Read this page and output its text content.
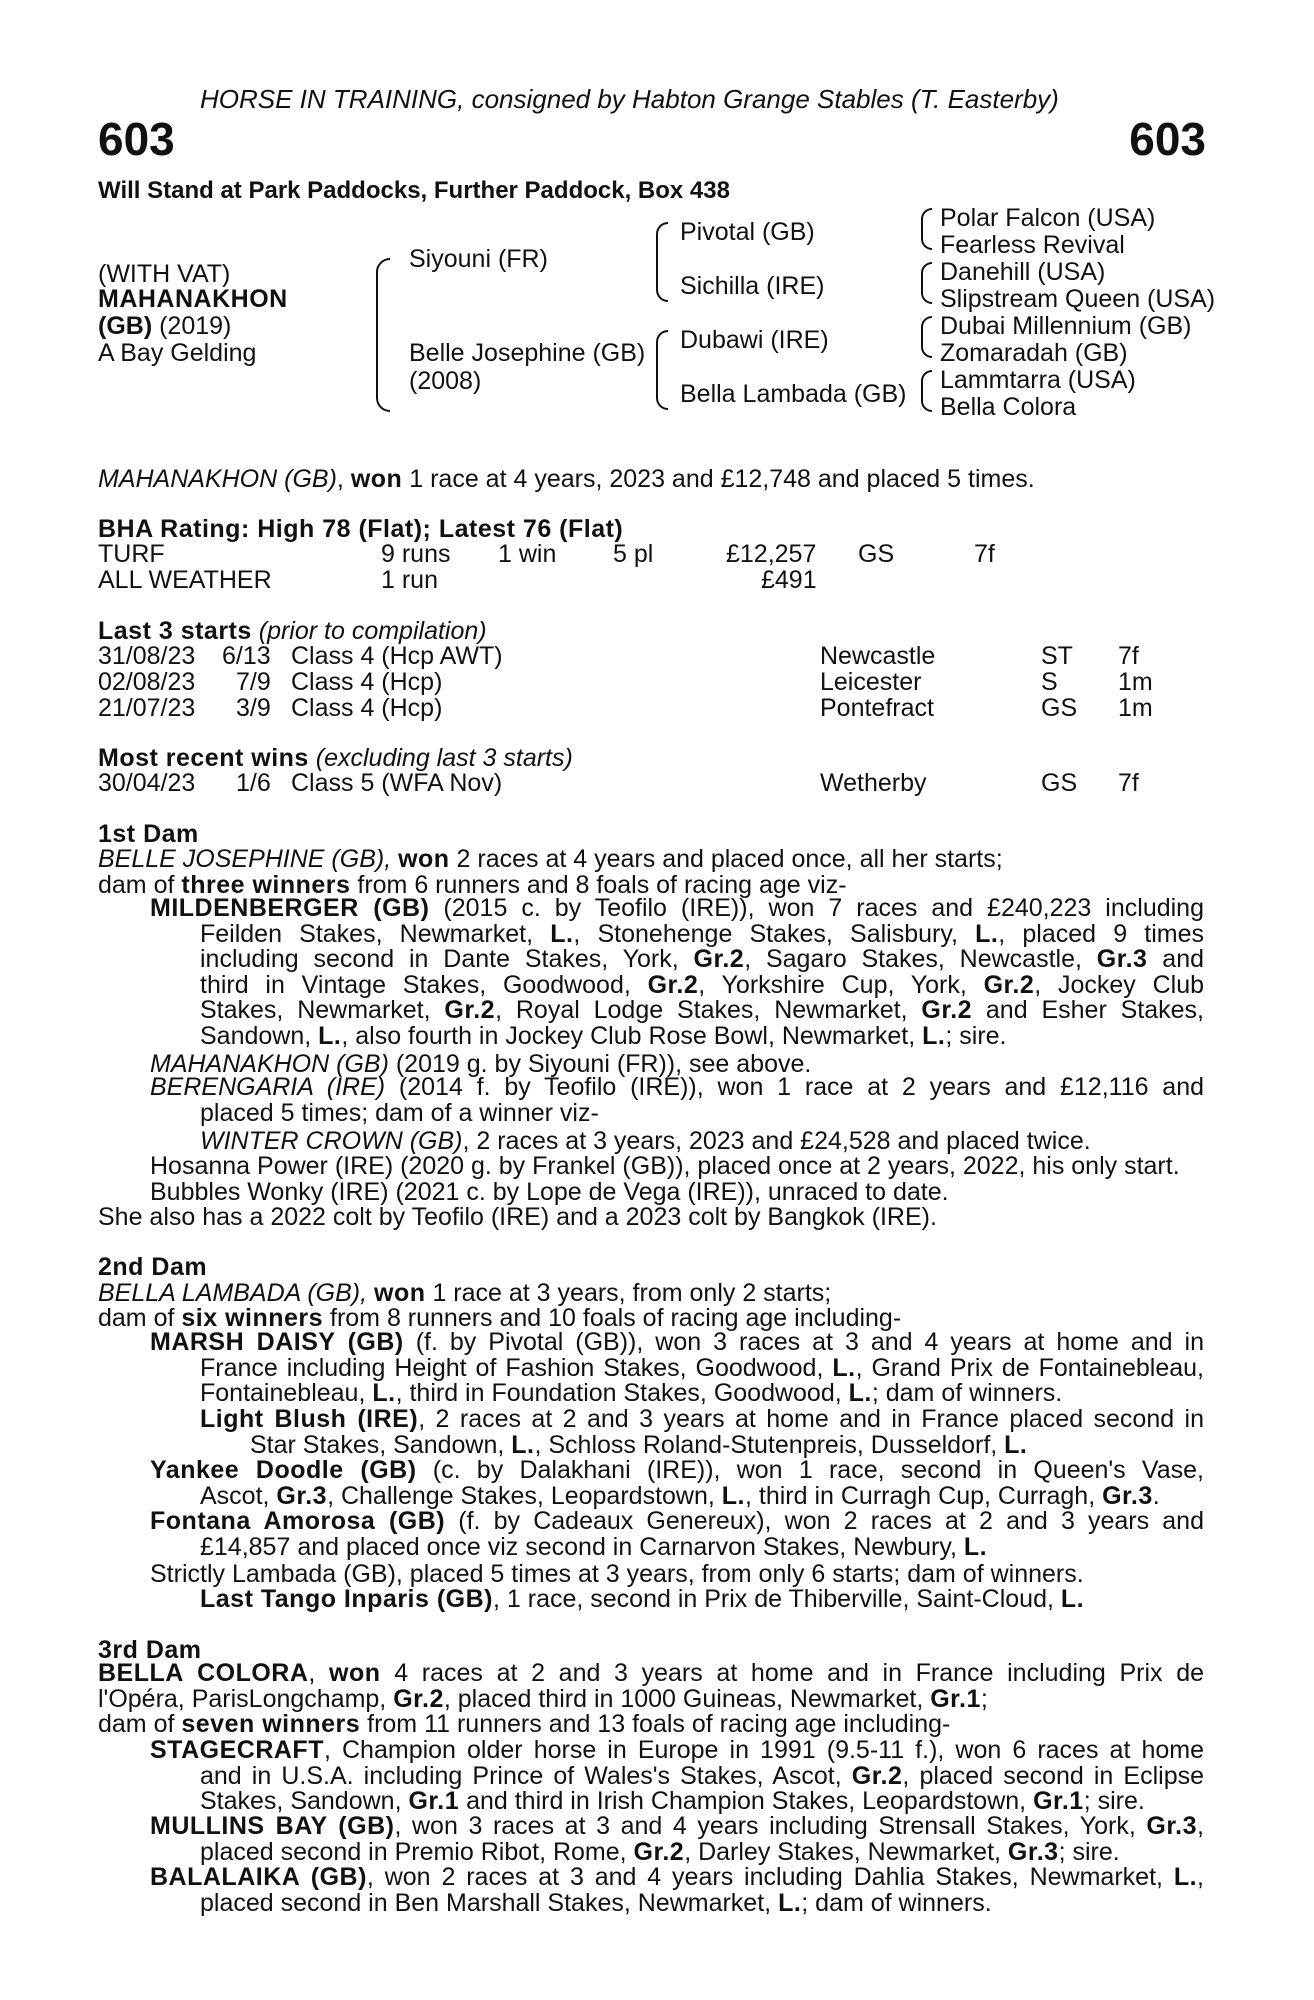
HORSE IN TRAINING, consigned by Habton Grange Stables (T. Easterby)
603	603
Will Stand at Park Paddocks, Further Paddock, Box 438
(WITH VAT)
MAHANAKHON
(GB) (2019)
A Bay Gelding
Siyouni (FR)
Belle Josephine (GB)
(2008)
Pivotal (GB)
Sichilla (IRE)
Dubawi (IRE)
Bella Lambada (GB)
Polar Falcon (USA)
Fearless Revival
Danehill (USA)
Slipstream Queen (USA)
Dubai Millennium (GB)
Zomaradah (GB)
Lammtarra (USA)
Bella Colora
MAHANAKHON (GB), won 1 race at 4 years, 2023 and £12,748 and placed 5 times.
BHA Rating: High 78 (Flat); Latest 76 (Flat)
TURF	9 runs 1 win 5 pl	£12,257 GS	7f
ALL WEATHER	1 run	£491
Last 3 starts (prior to compilation)
31/08/23 6/13 Class 4 (Hcp AWT)	Newcastle	ST 7f
02/08/23 7/9 Class 4 (Hcp)	Leicester	S 1m
21/07/23 3/9 Class 4 (Hcp)	Pontefract	GS 1m
Most recent wins (excluding last 3 starts)
30/04/23 1/6 Class 5 (WFA Nov)	Wetherby	GS 7f
1st Dam
BELLE JOSEPHINE (GB), won 2 races at 4 years and placed once, all her starts;
dam of three winners from 6 runners and 8 foals of racing age viz-
MILDENBERGER (GB) (2015 c. by Teofilo (IRE)), won 7 races and £240,223 including
Feilden Stakes, Newmarket, L., Stonehenge Stakes, Salisbury, L., placed 9 times
including second in Dante Stakes, York, Gr.2, Sagaro Stakes, Newcastle, Gr.3 and
third in Vintage Stakes, Goodwood, Gr.2, Yorkshire Cup, York, Gr.2, Jockey Club
Stakes, Newmarket, Gr.2, Royal Lodge Stakes, Newmarket, Gr.2 and Esher Stakes,
Sandown, L., also fourth in Jockey Club Rose Bowl, Newmarket, L.; sire.
MAHANAKHON (GB) (2019 g. by Siyouni (FR)), see above.
BERENGARIA (IRE) (2014 f. by Teofilo (IRE)), won 1 race at 2 years and £12,116 and
placed 5 times; dam of a winner viz-
WINTER CROWN (GB), 2 races at 3 years, 2023 and £24,528 and placed twice.
Hosanna Power (IRE) (2020 g. by Frankel (GB)), placed once at 2 years, 2022, his only start.
Bubbles Wonky (IRE) (2021 c. by Lope de Vega (IRE)), unraced to date.
She also has a 2022 colt by Teofilo (IRE) and a 2023 colt by Bangkok (IRE).
2nd Dam
BELLA LAMBADA (GB), won 1 race at 3 years, from only 2 starts;
dam of six winners from 8 runners and 10 foals of racing age including-
MARSH DAISY (GB) (f. by Pivotal (GB)), won 3 races at 3 and 4 years at home and in
France including Height of Fashion Stakes, Goodwood, L., Grand Prix de Fontainebleau,
Fontainebleau, L., third in Foundation Stakes, Goodwood, L.; dam of winners.
Light Blush (IRE), 2 races at 2 and 3 years at home and in France placed second in
Star Stakes, Sandown, L., Schloss Roland-Stutenpreis, Dusseldorf, L.
Yankee Doodle (GB) (c. by Dalakhani (IRE)), won 1 race, second in Queen's Vase,
Ascot, Gr.3, Challenge Stakes, Leopardstown, L., third in Curragh Cup, Curragh, Gr.3.
Fontana Amorosa (GB) (f. by Cadeaux Genereux), won 2 races at 2 and 3 years and
£14,857 and placed once viz second in Carnarvon Stakes, Newbury, L.
Strictly Lambada (GB), placed 5 times at 3 years, from only 6 starts; dam of winners.
Last Tango Inparis (GB), 1 race, second in Prix de Thiberville, Saint-Cloud, L.
3rd Dam
BELLA COLORA, won 4 races at 2 and 3 years at home and in France including Prix de
l'Opéra, ParisLongchamp, Gr.2, placed third in 1000 Guineas, Newmarket, Gr.1;
dam of seven winners from 11 runners and 13 foals of racing age including-
STAGECRAFT, Champion older horse in Europe in 1991 (9.5-11 f.), won 6 races at home
and in U.S.A. including Prince of Wales's Stakes, Ascot, Gr.2, placed second in Eclipse
Stakes, Sandown, Gr.1 and third in Irish Champion Stakes, Leopardstown, Gr.1; sire.
MULLINS BAY (GB), won 3 races at 3 and 4 years including Strensall Stakes, York, Gr.3,
placed second in Premio Ribot, Rome, Gr.2, Darley Stakes, Newmarket, Gr.3; sire.
BALALAIKA (GB), won 2 races at 3 and 4 years including Dahlia Stakes, Newmarket, L.,
placed second in Ben Marshall Stakes, Newmarket, L.; dam of winners.
